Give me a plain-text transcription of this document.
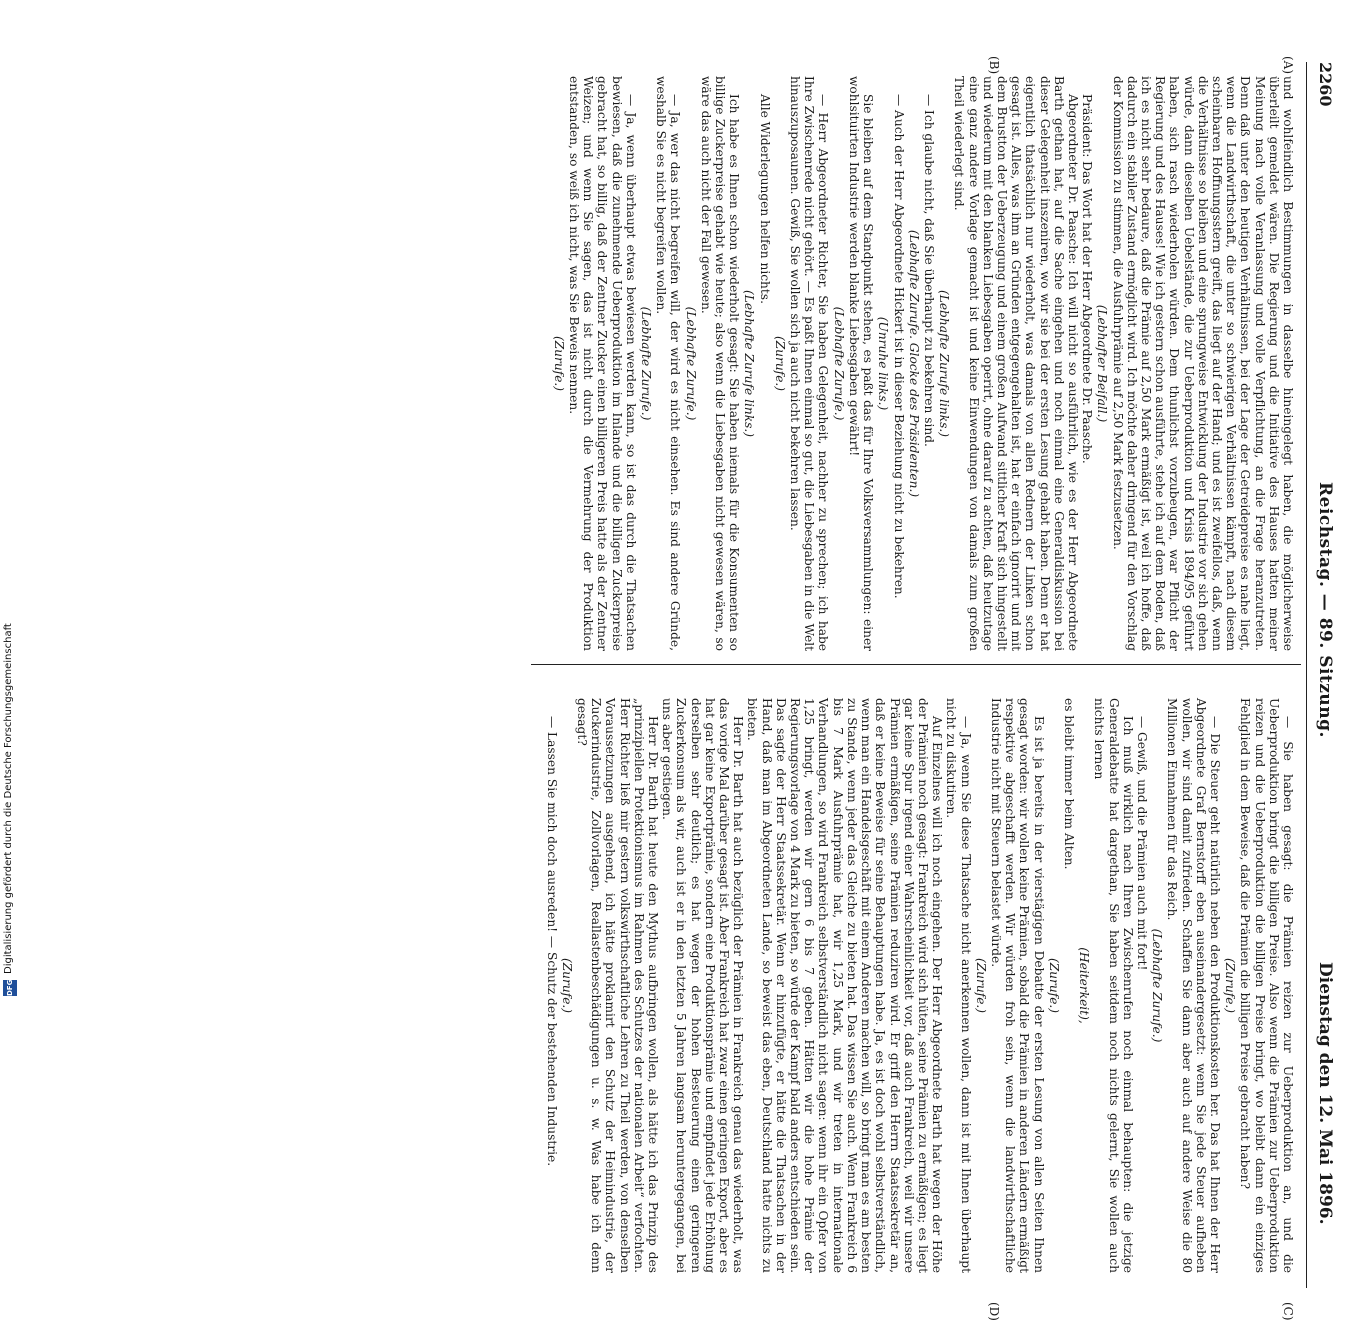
2260
Reichstag. — 89. Sitzung.
Dienstag den 12. Mai 1896.
(A)
(B)
(C)
(D)

und wohlfeindlich Bestimmungen in dasselbe hineingelegt haben, die möglicherweise überleilt gemeldet wären. Die Regierung und die Initiative des Hauses hatten meiner Meinung nach volle Veranlassung und volle Verpflichtung, an die Frage heranzutreten. Denn daß unter den heutigen Verhältnissen, bei der Lage der Getreidepreise es nahe liegt, wenn die Landwirthschaft, die unter so schwierigen Verhältnissen kämpft, nach diesem scheinbaren Hoffnungsstern greift, das liegt auf der Hand; und es ist zweifellos, daß, wenn die Verhältnisse so bleiben und eine sprungweise Entwicklung der Industrie vor sich gehen würde, dann dieselben Uebelstände, die zur Ueberproduktion und Krisis 1894/95 geführt haben, sich rasch wiederholen würden. Dem thunlichst vorzubeugen, war Pflicht der Regierung und des Hauses! Wie ich gestern schon ausführte, stehe ich auf dem Boden, daß ich es nicht sehr bedaure, daß die Prämie auf 2,50 Mark ermäßigt ist, weil ich hoffe, daß dadurch ein stabiler Zustand ermöglicht wird. Ich möchte daher dringend für den Vorschlag der Kommission zu stimmen, die Ausfuhrprämie auf 2,50 Mark festzusetzen.

(Lebhafter Beifall.)

Präsident: Das Wort hat der Herr Abgeordnete Dr. Paasche.

Abgeordneter Dr. Paasche: Ich will nicht so ausführlich, wie es der Herr Abgeordnete Barth gethan hat, auf die Sache eingehen und noch einmal eine Generaldiskussion bei dieser Gelegenheit inszeniren, wo wir sie bei der ersten Lesung gehabt haben. Denn er hat eigentlich thatsächlich nur wiederholt, was damals von allen Rednern der Linken schon gesagt ist. Alles, was ihm an Gründen entgegengehalten ist, hat er einfach ignorirt und mit dem Brustton der Ueberzeugung und einem großen Aufwand sittlicher Kraft sich hingestellt und wiederum mit den blanken Liebesgaben operirt, ohne darauf zu achten, daß heutzutage eine ganz andere Vorlage gemacht ist und keine Einwendungen von damals zum großen Theil wiederlegt sind.

(Lebhafte Zurufe links.)

— Ich glaube nicht, daß Sie überhaupt zu bekehren sind.

(Lebhafte Zurufe. Glocke des Präsidenten.)

— Auch der Herr Abgeordnete Hickert ist in dieser Beziehung nicht zu bekehren.

(Unruhe links.)

Sie bleiben auf dem Standpunkt stehen, es paßt das für Ihre Volksversammlungen: einer wohlsituirten Industrie werden blanke Liebesgaben gewährt!

(Lebhafte Zurufe.)

— Herr Abgeordneter Richter, Sie haben Gelegenheit, nachher zu sprechen; ich habe Ihre Zwischenrede nicht gehört. — Es paßt Ihnen einmal so gut, die Liebesgaben in die Welt hinauszuposaunen. Gewiß, Sie wollen sich ja auch nicht bekehren lassen.

(Zurufe.)

Alle Widerlegungen helfen nichts.

(Lebhafte Zurufe links.)

Ich habe es Ihnen schon wiederholt gesagt: Sie haben niemals für die Konsumenten so billige Zuckerpreise gehabt wie heute; also wenn die Liebesgaben nicht gewesen wären, so wäre das auch nicht der Fall gewesen.

(Lebhafte Zurufe.)

— Ja, wer das nicht begreifen will, der wird es nicht einsehen. Es sind andere Gründe, weshalb Sie es nicht begreifen wollen.

(Lebhafte Zurufe.)

— Ja, wenn überhaupt etwas bewiesen werden kann, so ist das durch die Thatsachen bewiesen, daß die zunehmende Ueberproduktion im Inlande und die billigen Zuckerpreise gebracht hat, so billig, daß der Zentner Zucker einen billigeren Preis hatte als der Zentner Weizen; und wenn Sie sagen, das ist nicht durch die Vermehrung der Produktion entstanden, so weiß ich nicht, was Sie Beweis nennen.

(Zurufe.)

— Sie haben gesagt: die Prämien reizen zur Ueberproduktion an, und die Ueberproduktion bringt die billigen Preise. Also wenn die Prämien zur Ueberproduktion reizen und die Ueberproduktion die billigen Preise bringt, wo bleibt dann ein einziges Fehlglied in dem Beweise, daß die Prämien die billigen Preise gebracht haben?

(Zurufe.)

— Die Steuer geht natürlich neben den Produktionskosten her. Das hat Ihnen der Herr Abgeordnete Graf Bernstorff eben auseinandergesetzt: wenn Sie jede Steuer aufheben wollen, wir sind damit zufrieden. Schaffen Sie dann aber auch auf andere Weise die 80 Millionen Einnahmen für das Reich.

(Lebhafte Zurufe.)

— Gewiß, und die Prämien auch mit fort!

Ich muß wirklich nach Ihren Zwischenrufen noch einmal behaupten: die jetzige Generaldebatte hat dargethan, Sie haben seitdem noch nichts gelernt, Sie wollen auch nichts lernen

(Heiterkeit),

es bleibt immer beim Alten.

(Zurufe.)

Es ist ja bereits in der vierstägigen Debatte der ersten Lesung von allen Seiten Ihnen gesagt worden: wir wollen keine Prämien, sobald die Prämien in anderen Ländern ermäßigt respektive abgeschafft werden. Wir würden froh sein, wenn die landwirthschaftliche Industrie nicht mit Steuern belastet würde.

(Zurufe.)

— Ja, wenn Sie diese Thatsache nicht anerkennen wollen, dann ist mit Ihnen überhaupt nicht zu diskutiren.

Auf Einzelnes will ich noch eingehen. Der Herr Abgeordnete Barth hat wegen der Höhe der Prämien noch gesagt: Frankreich wird sich hüten, seine Prämien zu ermäßigen; es liegt gar keine Spur irgend einer Wahrscheinlichkeit vor, daß auch Frankreich, weil wir unsere Prämien ermäßigen, seine Prämien reduziren wird. Er griff den Herrn Staatssekretär an, daß er keine Beweise für seine Behauptungen habe. Ja, es ist doch wohl selbstverständlich, wenn man ein Handelsgeschäft mit einem Anderen machen will, so bringt man es am besten zu Stande, wenn jeder das Gleiche zu bieten hat. Das wissen Sie auch. Wenn Frankreich 6 bis 7 Mark Ausfuhrprämie hat, wir 1,25 Mark, und wir treten in internationale Verhandlungen, so wird Frankreich selbstverständlich nicht sagen: wenn ihr ein Opfer von 1,25 bringt, werden wir gern 6 bis 7 geben. Hätten wir die hohe Prämie der Regierungsvorlage von 4 Mark zu bieten, so würde der Kampf bald anders entschieden sein. Das sagte der Herr Staatssekretär. Wenn er hinzufügte, er hätte die Thatsachen in der Hand, daß man im Abgeordneten Lande, so beweist das eben, Deutschland hatte nichts zu bieten.

Herr Dr. Barth hat auch bezüglich der Prämien in Frankreich genau das wiederholt, was das vorige Mal darüber gesagt ist. Aber Frankreich hat zwar einen geringen Export, aber es hat gar keine Exportprämie, sondern eine Produktionsprämie und empfindet jede Erhöhung derselben sehr deutlich; es hat wegen der hohen Besteuerung einen geringeren Zuckerkonsum als wir, auch ist er in den letzten 5 Jahren langsam heruntergegangen, bei uns aber gestiegen.

Herr Dr. Barth hat heute den Mythus aufbringen wollen, als hätte ich das Prinzip des „prinzipiellen Protektionismus im Rahmen des Schutzes der nationalen Arbeit“ verfochten. Herr Richter ließ mir gestern volkswirthschaftliche Lehren zu Theil werden, von denselben Voraussetzungen ausgehend, ich hätte proklamirt den Schutz der Heimindustrie, der Zuckerindustrie, Zollvorlagen, Reallastenbeschädigungen u. s. w. Was habe ich denn gesagt?

(Zurufe.)

— Lassen Sie mich doch ausreden! — Schutz der bestehenden Industrie.

DFG
Digitalisierung gefördert durch die Deutsche Forschungsgemeinschaft
